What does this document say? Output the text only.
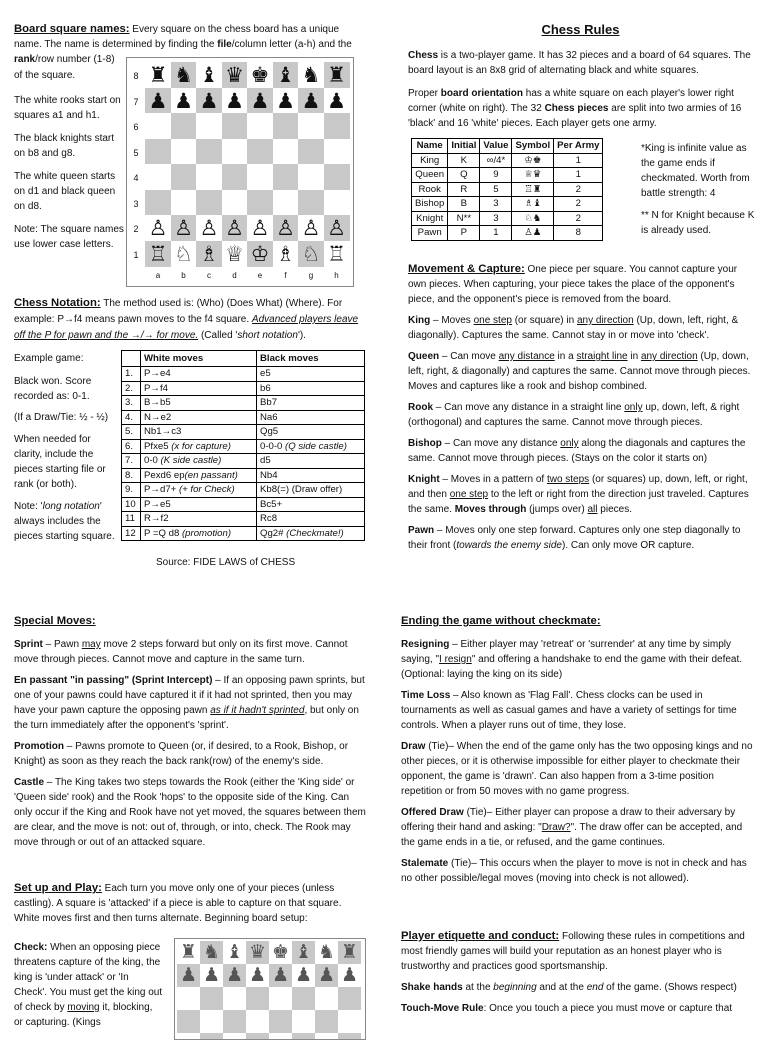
Board square names: Every square on the chess board has a unique name. The name is determined by finding the file/column letter (a-h) and the

rank/row number (1-8) of the square.
The white rooks start on squares a1 and h1.
The black knights start on b8 and g8.
The white queen starts on d1 and black queen on d8.
Note: The square names use lower case letters.
8 ♜ ♞ ♝ ♛ ♚ ♝ ♞ ♜
7 ♟ ♟ ♟ ♟ ♟ ♟ ♟ ♟
6
5
4
3
2 ♙ ♙ ♙ ♙ ♙ ♙ ♙ ♙
1 ♖ ♘ ♗ ♕ ♔ ♗ ♘ ♖
a	b	c	d	e	f	g	h
Chess Notation: The method used is: (Who) (Does What) (Where). For example: P→f4 means pawn moves to the f4 square. Advanced players leave off the P for pawn and the →/→ for move. (Called 'short notation').
Example game:
Black won. Score recorded as: 0-1.
(If a Draw/Tie: ½ - ½)
When needed for clarity, include the pieces starting file or rank (or both).
Note: 'long notation' always includes the pieces starting square.
	White moves	Black moves
1.	P→e4	e5
2.	P→f4	b6
3.	B→b5	Bb7
4.	N→e2	Na6
5.	Nb1→c3	Qg5
6.	Pfxe5 (x for capture)	0-0-0 (Q side castle)
7.	0-0 (K side castle)	d5
8.	Pexd6 ep(en passant)	Nb4
9.	P→d7+ (+ for Check)	Kb8(=) (Draw offer)
10	P→e5	Bc5+
11	R→f2	Rc8
12	P =Q d8 (promotion)	Qg2# (Checkmate!)
Source: FIDE LAWS of CHESS
Chess Rules
Chess is a two-player game. It has 32 pieces and a board of 64 squares. The board layout is an 8x8 grid of alternating black and white squares.
Proper board orientation has a white square on each player's lower right corner (white on right). The 32 Chess pieces are split into two armies of 16 'black' and 16 'white' pieces. Each player gets one army.
Name	Initial	Value	Symbol	Per Army
King	K	∞/4*	♔♚	1
Queen	Q	9	♕♛	1
Rook	R	5	♖♜	2
Bishop	B	3	♗♝	2
Knight	N**	3	♘♞	2
Pawn	P	1	♙♟	8
*King is infinite value as the game ends if checkmated. Worth from battle strength: 4
** N for Knight because K is already used.

Movement & Capture: One piece per square. You cannot capture your own pieces. When capturing, your piece takes the place of the opponent's piece, and the opponent's piece is removed from the board.

King – Moves one step (or square) in any direction (Up, down, left, right, & diagonally). Captures the same. Cannot stay in or move into 'check'.

Queen – Can move any distance in a straight line in any direction (Up, down, left, right, & diagonally) and captures the same. Cannot move through pieces. Moves and captures like a rook and bishop combined.

Rook – Can move any distance in a straight line only up, down, left, & right (orthogonal) and captures the same. Cannot move through pieces.

Bishop – Can move any distance only along the diagonals and captures the same. Cannot move through pieces. (Stays on the color it starts on)

Knight – Moves in a pattern of two steps (or squares) up, down, left, or right, and then one step to the left or right from the direction just traveled. Captures the same. Moves through (jumps over) all pieces.

Pawn – Moves only one step forward. Captures only one step diagonally to their front (towards the enemy side). Can only move OR capture.

Special Moves:

Sprint – Pawn may move 2 steps forward but only on its first move. Cannot move through pieces. Cannot move and capture in the same turn.

En passant "in passing" (Sprint Intercept) – If an opposing pawn sprints, but one of your pawns could have captured it if it had not sprinted, then you may have your pawn capture the opposing pawn as if it hadn't sprinted, but only on the turn immediately after the opponent's 'sprint'.

Promotion – Pawns promote to Queen (or, if desired, to a Rook, Bishop, or Knight) as soon as they reach the back rank(row) of the enemy's side.

Castle – The King takes two steps towards the Rook (either the 'King side' or 'Queen side' rook) and the Rook 'hops' to the opposite side of the King. Can only occur if the King and Rook have not yet moved, the squares between them are clear, and the move is not: out of, through, or into, check. The Rook may move through or out of an attacked square.

Set up and Play: Each turn you move only one of your pieces (unless castling). A square is 'attacked' if a piece is able to capture on that square. White moves first and then turns alternate. Beginning board setup:
Check: When an opposing piece threatens capture of the king, the king is 'under attack' or 'In Check'. You must get the king out of check by moving it, blocking, or capturing. (Kings
♜ ♞ ♝ ♛ ♚ ♝ ♞ ♜
♟ ♟ ♟ ♟ ♟ ♟ ♟ ♟

Ending the game without checkmate:

Resigning – Either player may 'retreat' or 'surrender' at any time by simply saying, "I resign" and offering a handshake to end the game with their defeat. (Optional: laying the king on its side)

Time Loss – Also known as 'Flag Fall'. Chess clocks can be used in tournaments as well as casual games and have a variety of settings for time controls. When a player runs out of time, they lose.

Draw (Tie)– When the end of the game only has the two opposing kings and no other pieces, or it is otherwise impossible for either player to checkmate their opponent, the game is 'drawn'. Can also happen from a 3-time position repetition or from 50 moves with no game progress.

Offered Draw (Tie)– Either player can propose a draw to their adversary by offering their hand and asking: "Draw?". The draw offer can be accepted, and the game ends in a tie, or refused, and the game continues.

Stalemate (Tie)– This occurs when the player to move is not in check and has no other possible/legal moves (moving into check is not allowed).

Player etiquette and conduct: Following these rules in competitions and most friendly games will build your reputation as an honest player who is trustworthy and practices good sportsmanship.

Shake hands at the beginning and at the end of the game. (Shows respect)

Touch-Move Rule: Once you touch a piece you must move or capture that
